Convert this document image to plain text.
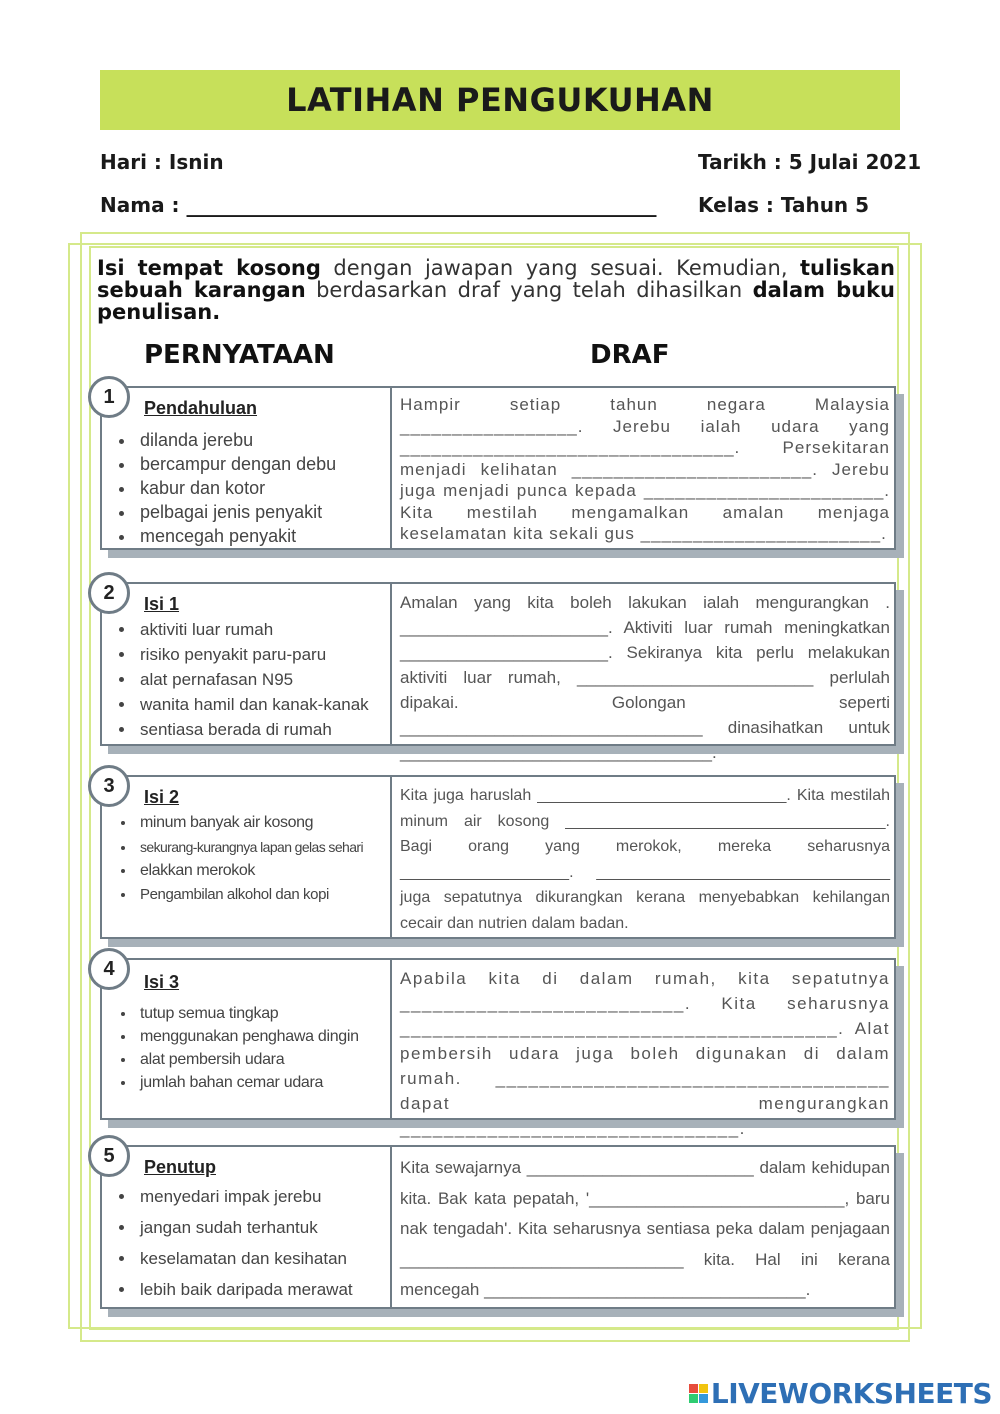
LATIHAN PENGUKUHAN
Hari : Isnin	Tarikh : 5 Julai 2021
Nama : _______________________________________________ Kelas : Tahun 5
Isi tempat kosong dengan jawapan yang sesuai. Kemudian, tuliskan sebuah karangan berdasarkan draf yang telah dihasilkan dalam buku penulisan.
PERNYATAAN	DRAF
1
Pendahuluan
• dilanda jerebu
• bercampur dengan debu
• kabur dan kotor
• pelbagai jenis penyakit
• mencegah penyakit
Hampir setiap tahun negara Malaysia _________________. Jerebu ialah udara yang ________________________________. Persekitaran menjadi kelihatan _______________________. Jerebu juga menjadi punca kepada _______________________. Kita mestilah mengamalkan amalan menjaga keselamatan kita sekali gus _______________________.
2
Isi 1
• aktiviti luar rumah
• risiko penyakit paru-paru
• alat pernafasan N95
• wanita hamil dan kanak-kanak
• sentiasa berada di rumah
Amalan yang kita boleh lakukan ialah mengurangkan . ______________________. Aktiviti luar rumah meningkatkan ______________________. Sekiranya kita perlu melakukan aktiviti luar rumah, _________________________ perlulah dipakai. Golongan seperti ________________________________ dinasihatkan untuk _________________________________.
3
Isi 2
• minum banyak air kosong
• sekurang-kurangnya lapan gelas sehari
• elakkan merokok
• Pengambilan alkohol dan kopi
Kita juga haruslah ____________________________. Kita mestilah minum air kosong ____________________________________. Bagi orang yang merokok, mereka seharusnya ___________________. _________________________________ juga sepatutnya dikurangkan kerana menyebabkan kehilangan cecair dan nutrien dalam badan.
4
Isi 3
• tutup semua tingkap
• menggunakan penghawa dingin
• alat pembersih udara
• jumlah bahan cemar udara
Apabila kita di dalam rumah, kita sepatutnya __________________________. Kita seharusnya ________________________________________. Alat pembersih udara juga boleh digunakan di dalam rumah. ____________________________________ dapat mengurangkan _______________________________.
5
Penutup
• menyedari impak jerebu
• jangan sudah terhantuk
• keselamatan dan kesihatan
• lebih baik daripada merawat
Kita sewajarnya ________________________ dalam kehidupan kita. Bak kata pepatah, '___________________________, baru nak tengadah'. Kita seharusnya sentiasa peka dalam penjagaan ______________________________ kita. Hal ini kerana mencegah __________________________________.
LIVEWORKSHEETS
